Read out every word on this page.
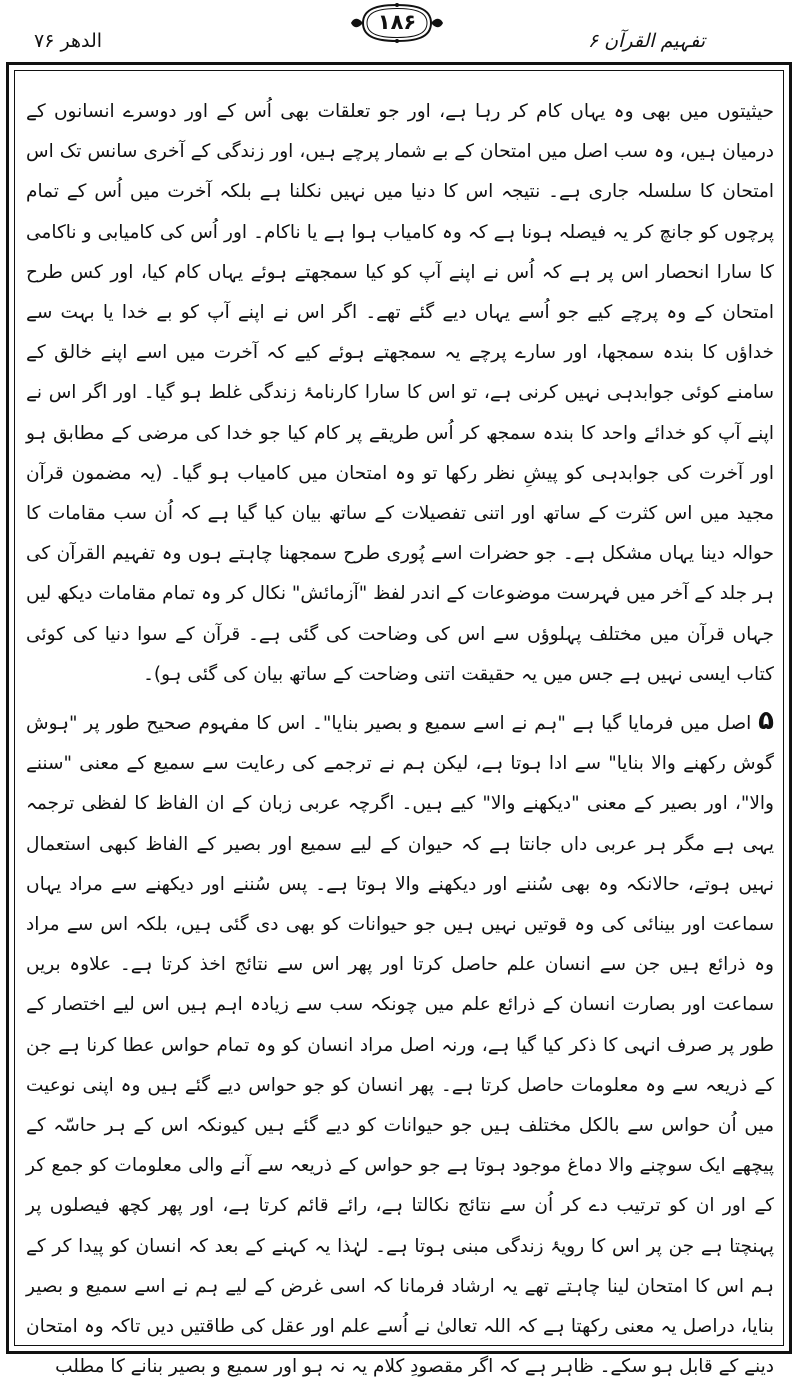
الدھر ۷۶
۱۸۶
تفہیم القرآن ۶

حیثیتوں میں بھی وہ یہاں کام کر رہا ہے، اور جو تعلقات بھی اُس کے اور دوسرے انسانوں کے درمیان ہیں، وہ سب اصل میں امتحان کے بے شمار پرچے ہیں، اور زندگی کے آخری سانس تک اس امتحان کا سلسلہ جاری ہے۔ نتیجہ اس کا دنیا میں نہیں نکلنا ہے بلکہ آخرت میں اُس کے تمام پرچوں کو جانچ کر یہ فیصلہ ہونا ہے کہ وہ کامیاب ہوا ہے یا ناکام۔ اور اُس کی کامیابی و ناکامی کا سارا انحصار اس پر ہے کہ اُس نے اپنے آپ کو کیا سمجھتے ہوئے یہاں کام کیا، اور کس طرح امتحان کے وہ پرچے کیے جو اُسے یہاں دیے گئے تھے۔ اگر اس نے اپنے آپ کو بے خدا یا بہت سے خداؤں کا بندہ سمجھا، اور سارے پرچے یہ سمجھتے ہوئے کیے کہ آخرت میں اسے اپنے خالق کے سامنے کوئی جوابدہی نہیں کرنی ہے، تو اس کا سارا کارنامۂ زندگی غلط ہو گیا۔ اور اگر اس نے اپنے آپ کو خدائے واحد کا بندہ سمجھ کر اُس طریقے پر کام کیا جو خدا کی مرضی کے مطابق ہو اور آخرت کی جوابدہی کو پیشِ نظر رکھا تو وہ امتحان میں کامیاب ہو گیا۔ (یہ مضمون قرآن مجید میں اس کثرت کے ساتھ اور اتنی تفصیلات کے ساتھ بیان کیا گیا ہے کہ اُن سب مقامات کا حوالہ دینا یہاں مشکل ہے۔ جو حضرات اسے پُوری طرح سمجھنا چاہتے ہوں وہ تفہیم القرآن کی ہر جلد کے آخر میں فہرست موضوعات کے اندر لفظ "آزمائش" نکال کر وہ تمام مقامات دیکھ لیں جہاں قرآن میں مختلف پہلوؤں سے اس کی وضاحت کی گئی ہے۔ قرآن کے سوا دنیا کی کوئی کتاب ایسی نہیں ہے جس میں یہ حقیقت اتنی وضاحت کے ساتھ بیان کی گئی ہو)۔

۵ اصل میں فرمایا گیا ہے "ہم نے اسے سمیع و بصیر بنایا"۔ اس کا مفہوم صحیح طور پر "ہوش گوش رکھنے والا بنایا" سے ادا ہوتا ہے، لیکن ہم نے ترجمے کی رعایت سے سمیع کے معنی "سننے والا"، اور بصیر کے معنی "دیکھنے والا" کیے ہیں۔ اگرچہ عربی زبان کے ان الفاظ کا لفظی ترجمہ یہی ہے مگر ہر عربی داں جانتا ہے کہ حیوان کے لیے سمیع اور بصیر کے الفاظ کبھی استعمال نہیں ہوتے، حالانکہ وہ بھی سُننے اور دیکھنے والا ہوتا ہے۔ پس سُننے اور دیکھنے سے مراد یہاں سماعت اور بینائی کی وہ قوتیں نہیں ہیں جو حیوانات کو بھی دی گئی ہیں، بلکہ اس سے مراد وہ ذرائع ہیں جن سے انسان علم حاصل کرتا اور پھر اس سے نتائج اخذ کرتا ہے۔ علاوہ بریں سماعت اور بصارت انسان کے ذرائع علم میں چونکہ سب سے زیادہ اہم ہیں اس لیے اختصار کے طور پر صرف انہی کا ذکر کیا گیا ہے، ورنہ اصل مراد انسان کو وہ تمام حواس عطا کرنا ہے جن کے ذریعہ سے وہ معلومات حاصل کرتا ہے۔ پھر انسان کو جو حواس دیے گئے ہیں وہ اپنی نوعیت میں اُن حواس سے بالکل مختلف ہیں جو حیوانات کو دیے گئے ہیں کیونکہ اس کے ہر حاسّہ کے پیچھے ایک سوچنے والا دماغ موجود ہوتا ہے جو حواس کے ذریعہ سے آنے والی معلومات کو جمع کر کے اور ان کو ترتیب دے کر اُن سے نتائج نکالتا ہے، رائے قائم کرتا ہے، اور پھر کچھ فیصلوں پر پہنچتا ہے جن پر اس کا رویۂ زندگی مبنی ہوتا ہے۔ لہٰذا یہ کہنے کے بعد کہ انسان کو پیدا کر کے ہم اس کا امتحان لینا چاہتے تھے یہ ارشاد فرمانا کہ اسی غرض کے لیے ہم نے اسے سمیع و بصیر بنایا، دراصل یہ معنی رکھتا ہے کہ اللہ تعالیٰ نے اُسے علم اور عقل کی طاقتیں دیں تاکہ وہ امتحان دینے کے قابل ہو سکے۔ ظاہر ہے کہ اگر مقصودِ کلام یہ نہ ہو اور سمیع و بصیر بنانے کا مطلب
